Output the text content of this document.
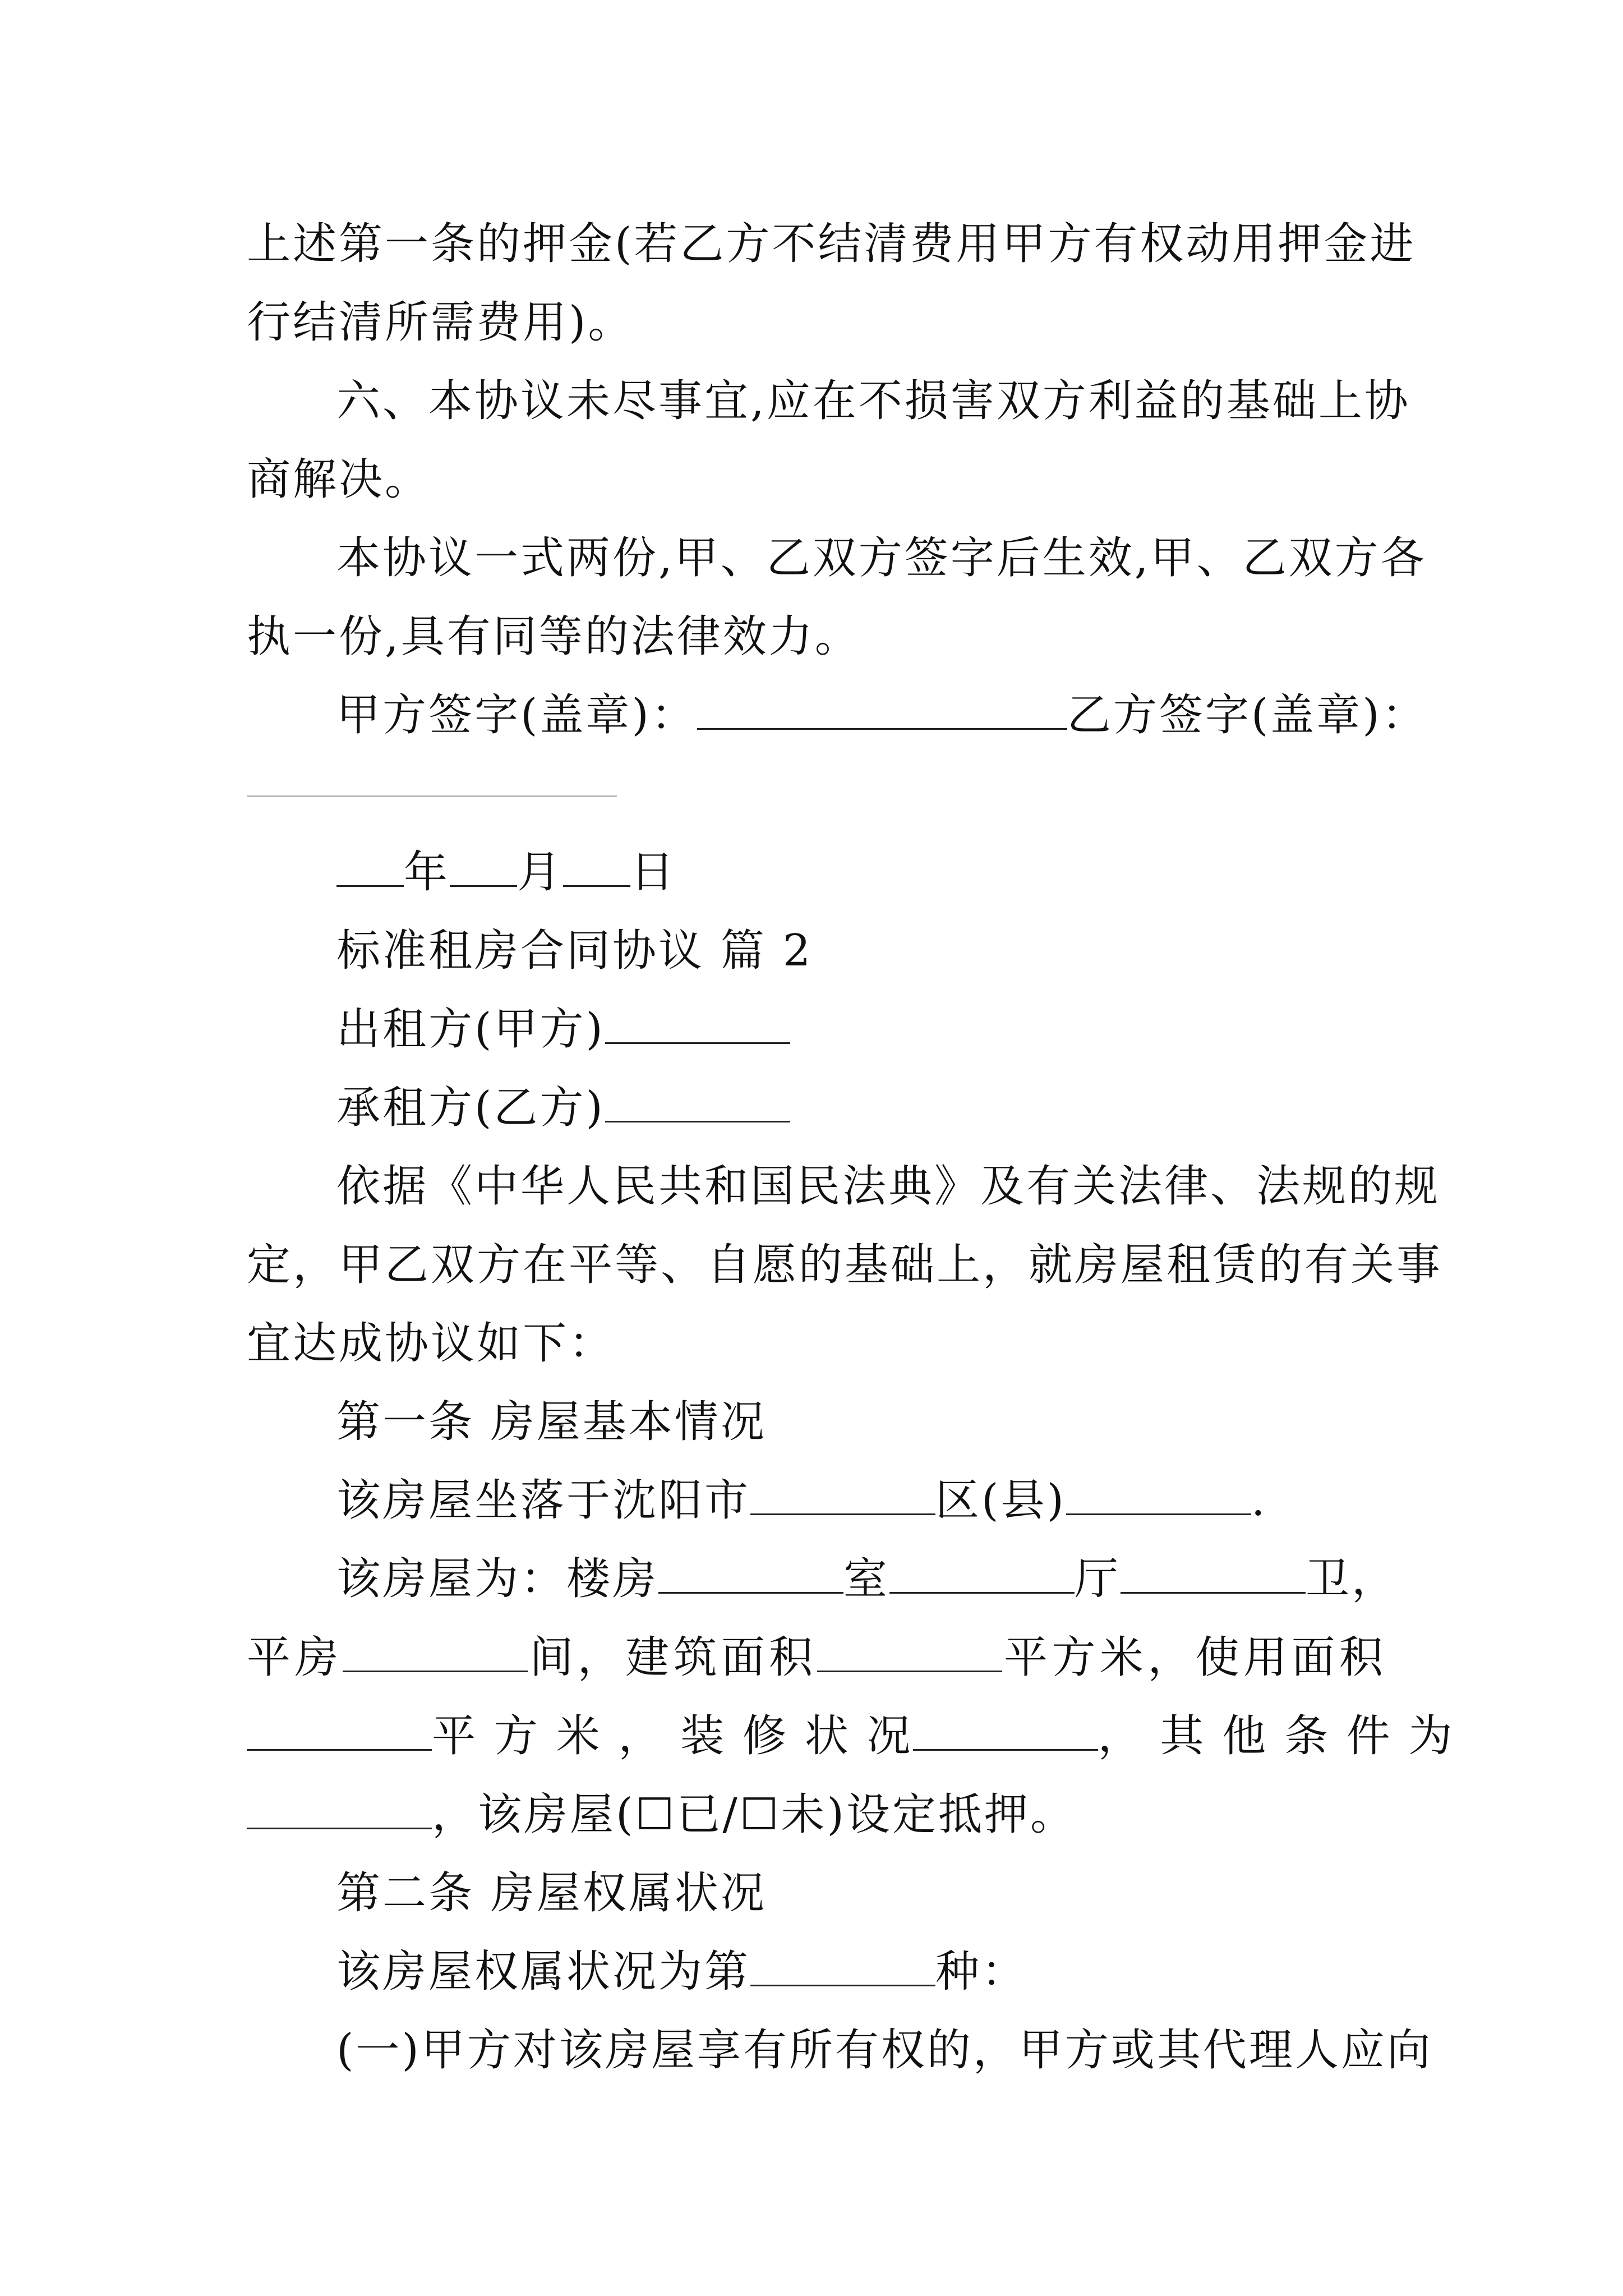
上述第一条的押金(若乙方不结清费用甲方有权动用押金进
行结清所需费用)。
六、本协议未尽事宜,应在不损害双方利益的基础上协
商解决。
本协议一式两份,甲、乙双方签字后生效,甲、乙双方各
执一份,具有同等的法律效力。
甲方签字(盖章)：	乙方签字(盖章)：
年 月 日
标准租房合同协议 篇 2
出租方(甲方)
承租方(乙方)
依据《中华人民共和国民法典》及有关法律、法规的规
定，甲乙双方在平等、自愿的基础上，就房屋租赁的有关事
宜达成协议如下：
第一条 房屋基本情况
该房屋坐落于沈阳市	区(县)	.
该房屋为：楼房	室	厅	卫，
平房	间，建筑面积	平方米，使用面积
平 方 米 ， 装 修 状 况	， 其 他 条 件 为
，该房屋(☐已/☐未)设定抵押。
第二条 房屋权属状况
该房屋权属状况为第	种：
(一)甲方对该房屋享有所有权的，甲方或其代理人应向
